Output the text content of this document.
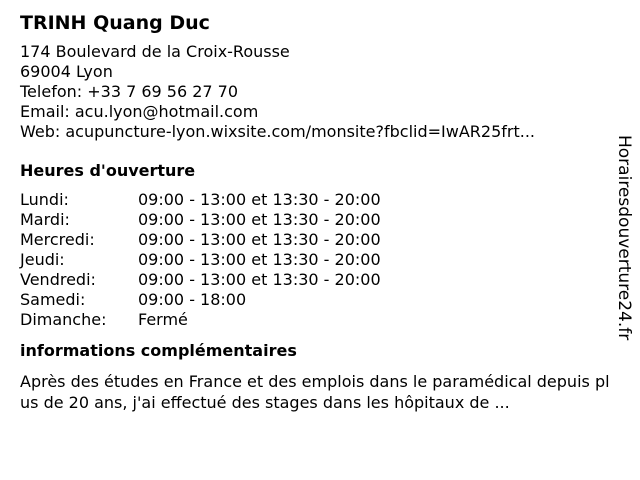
TRINH Quang Duc
174 Boulevard de la Croix-Rousse
69004 Lyon
Telefon: +33 7 69 56 27 70
Email: acu.lyon@hotmail.com
Web: acupuncture-lyon.wixsite.com/monsite?fbclid=IwAR25frt...
Heures d'ouverture
Lundi:	09:00 - 13:00 et 13:30 - 20:00
Mardi:	09:00 - 13:00 et 13:30 - 20:00
Mercredi:	09:00 - 13:00 et 13:30 - 20:00
Jeudi:	09:00 - 13:00 et 13:30 - 20:00
Vendredi:	09:00 - 13:00 et 13:30 - 20:00
Samedi:	09:00 - 18:00
Dimanche:	Fermé
informations complémentaires
Après des études en France et des emplois dans le paramédical depuis plus de 20 ans, j'ai effectué des stages dans les hôpitaux de ...
Horairesdouverture24.fr
